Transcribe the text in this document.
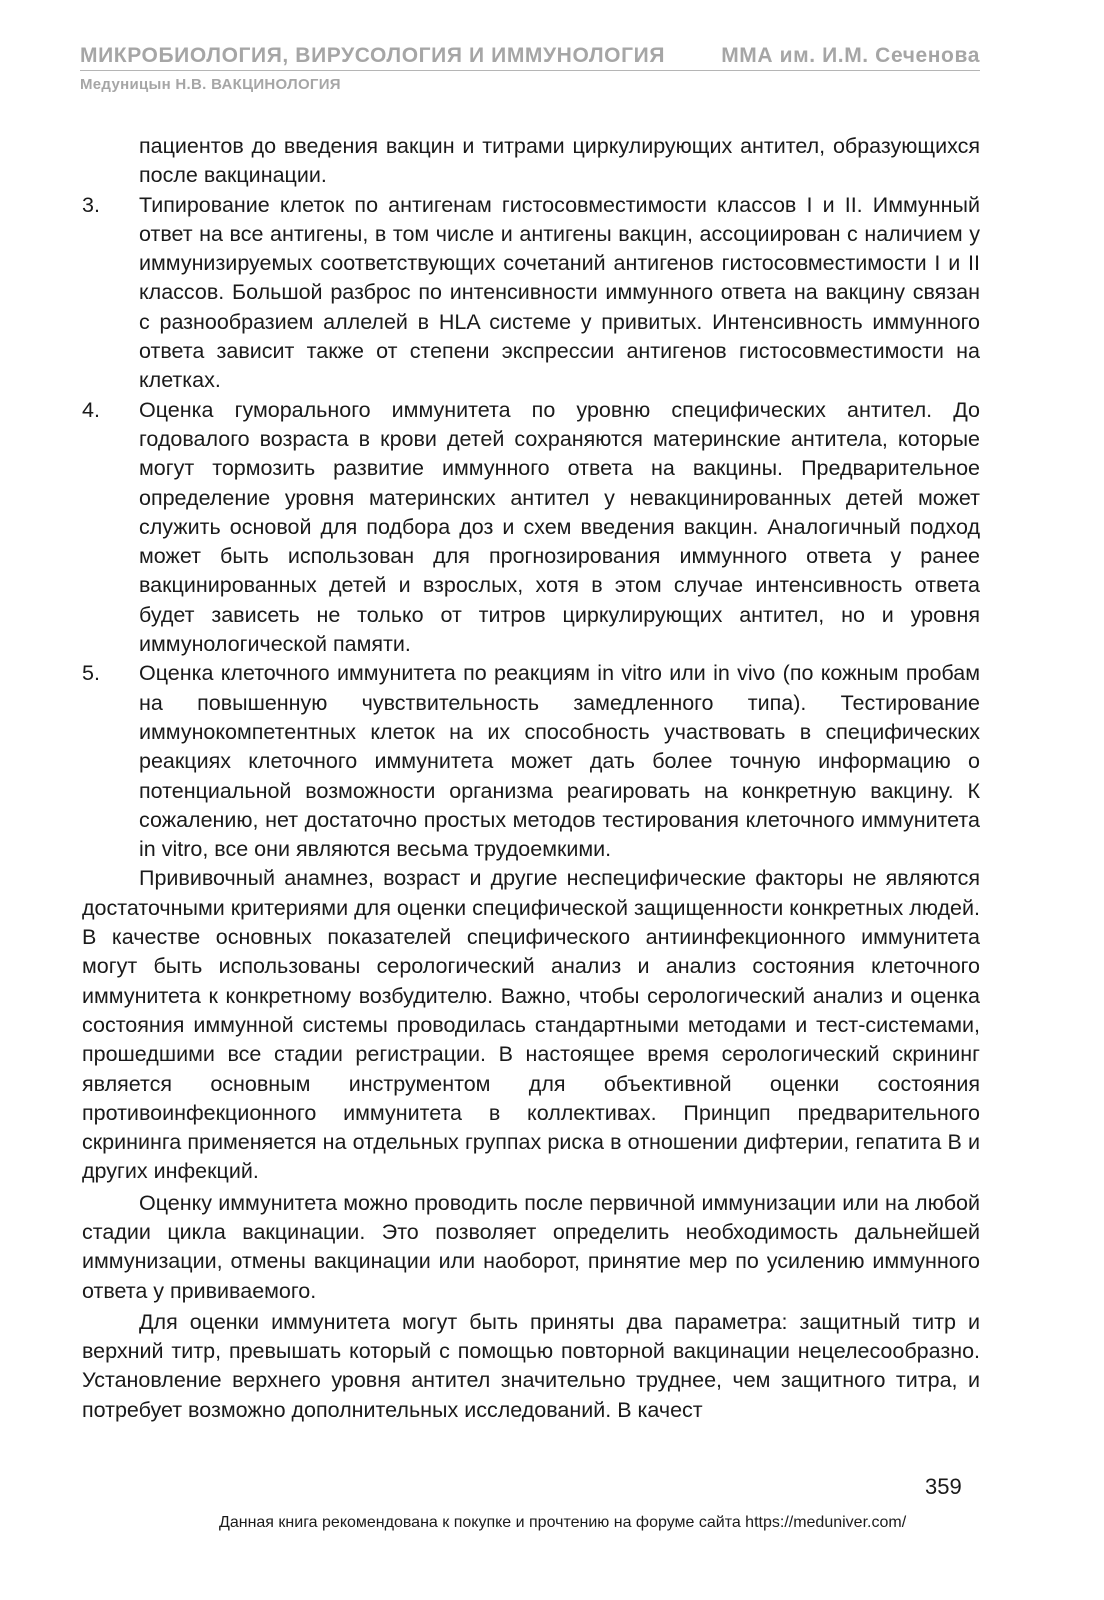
МИКРОБИОЛОГИЯ, ВИРУСОЛОГИЯ И ИММУНОЛОГИЯ	ММА им. И.М. Сеченова
Медуницын Н.В. ВАКЦИНОЛОГИЯ
пациентов до введения вакцин и титрами циркулирующих антител, образующихся после вакцинации.
3.	Типирование клеток по антигенам гистосовместимости классов I и II. Иммунный ответ на все антигены, в том числе и антигены вакцин, ассоциирован с наличием у иммунизируемых соответствующих сочетаний антигенов гистосовместимости I и II классов. Большой разброс по интенсивности иммунного ответа на вакцину связан с разнообразием аллелей в HLA системе у привитых. Интенсивность иммунного ответа зависит также от степени экспрессии антигенов гистосовместимости на клетках.
4.	Оценка гуморального иммунитета по уровню специфических антител. До годовалого возраста в крови детей сохраняются материнские антитела, которые могут тормозить развитие иммунного ответа на вакцины. Предварительное определение уровня материнских антител у невакцинированных детей может служить основой для подбора доз и схем введения вакцин. Аналогичный подход может быть использован для прогнозирования иммунного ответа у ранее вакцинированных детей и взрослых, хотя в этом случае интенсивность ответа будет зависеть не только от титров циркулирующих антител, но и уровня иммунологической памяти.
5.	Оценка клеточного иммунитета по реакциям in vitro или in vivo (по кожным пробам на повышенную чувствительность замедленного типа). Тестирование иммунокомпетентных клеток на их способность участвовать в специфических реакциях клеточного иммунитета может дать более точную информацию о потенциальной возможности организма реагировать на конкретную вакцину. К сожалению, нет достаточно простых методов тестирования клеточного иммунитета in vitro, все они являются весьма трудоемкими.
Прививочный анамнез, возраст и другие неспецифические факторы не являются достаточными критериями для оценки специфической защищенности конкретных людей. В качестве основных показателей специфического антиинфекционного иммунитета могут быть использованы серологический анализ и анализ состояния клеточного иммунитета к конкретному возбудителю. Важно, чтобы серологический анализ и оценка состояния иммунной системы проводилась стандартными методами и тест-системами, прошедшими все стадии регистрации. В настоящее время серологический скрининг является основным инструментом для объективной оценки состояния противоинфекционного иммунитета в коллективах. Принцип предварительного скрининга применяется на отдельных группах риска в отношении дифтерии, гепатита В и других инфекций.
Оценку иммунитета можно проводить после первичной иммунизации или на любой стадии цикла вакцинации. Это позволяет определить необходимость дальнейшей иммунизации, отмены вакцинации или наоборот, принятие мер по усилению иммунного ответа у прививаемого.
Для оценки иммунитета могут быть приняты два параметра: защитный титр и верхний титр, превышать который с помощью повторной вакцинации нецелесообразно. Установление верхнего уровня антител значительно труднее, чем защитного титра, и потребует возможно дополнительных исследований. В качест
359
Данная книга рекомендована к покупке и прочтению на форуме сайта https://meduniver.com/
